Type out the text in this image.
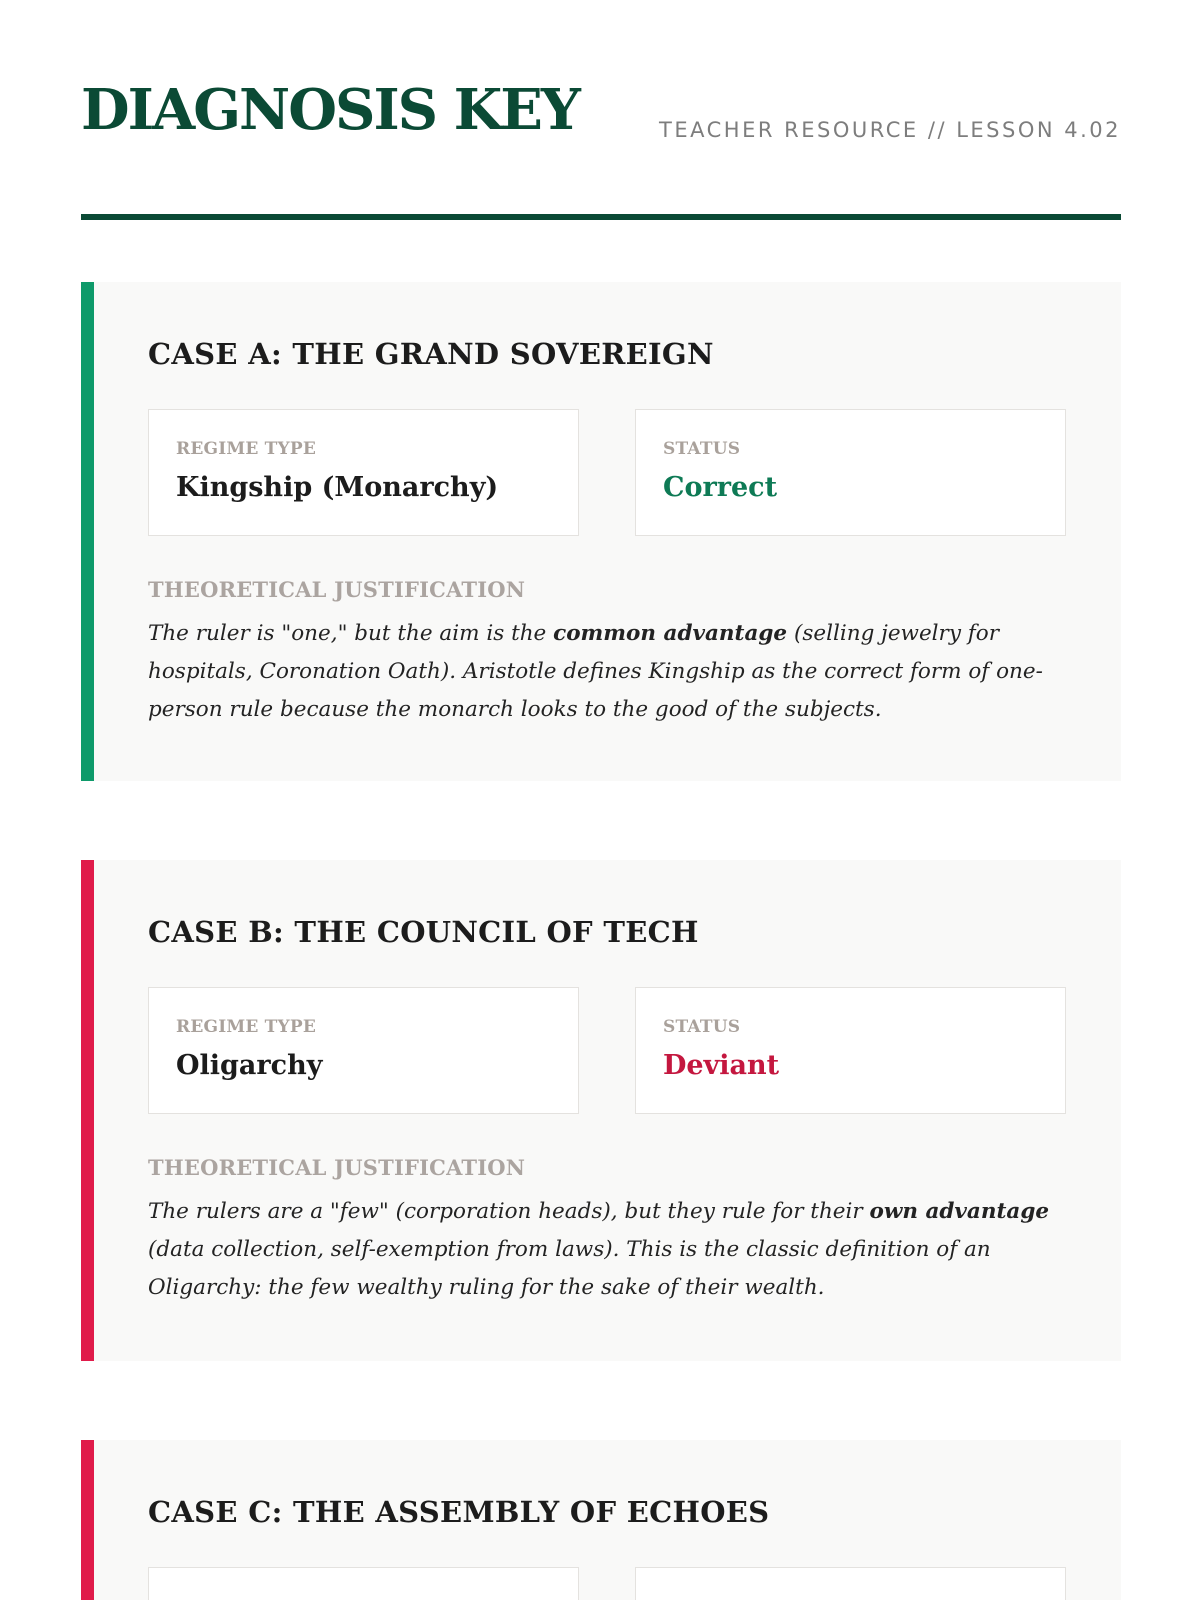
DIAGNOSIS KEY	TEACHER RESOURCE // LESSON 4.02
CASE A: THE GRAND SOVEREIGN
REGIME TYPE
Kingship (Monarchy)
STATUS
Correct
THEORETICAL JUSTIFICATION

The ruler is "one," but the aim is the common advantage (selling jewelry for hospitals, Coronation Oath). Aristotle defines Kingship as the correct form of one-person rule because the monarch looks to the good of the subjects.

CASE B: THE COUNCIL OF TECH
REGIME TYPE
Oligarchy
STATUS
Deviant
THEORETICAL JUSTIFICATION

The rulers are a "few" (corporation heads), but they rule for their own advantage (data collection, self-exemption from laws). This is the classic definition of an Oligarchy: the few wealthy ruling for the sake of their wealth.

CASE C: THE ASSEMBLY OF ECHOES
